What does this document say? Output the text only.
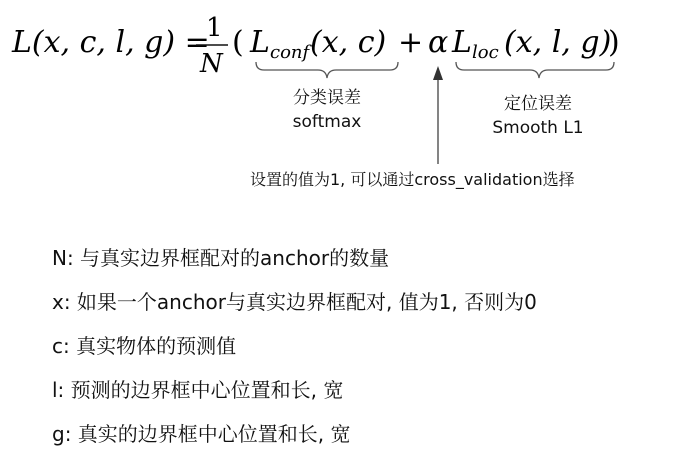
L(x, c, l, g) =
1
N
( L conf (x, c) + α L loc (x, l, g)
)
分类误差
softmax
定位误差
Smooth L1
设置的值为1, 可以通过cross_validation选择
N: 与真实边界框配对的anchor的数量
x: 如果一个anchor与真实边界框配对, 值为1, 否则为0
c: 真实物体的预测值
l: 预测的边界框中心位置和长, 宽
g: 真实的边界框中心位置和长, 宽
